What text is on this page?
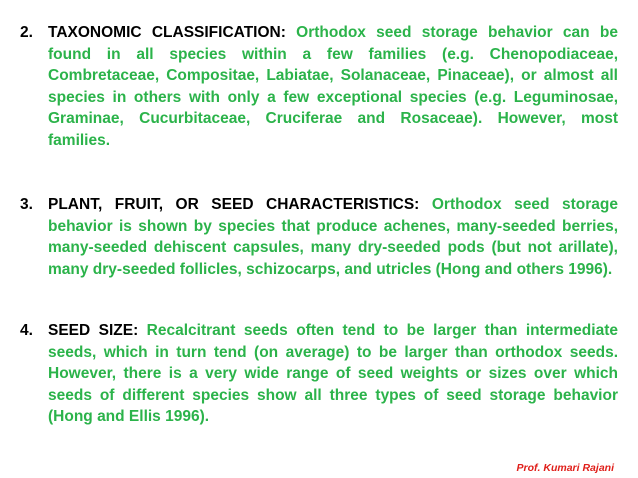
2. TAXONOMIC CLASSIFICATION: Orthodox seed storage behavior can be found in all species within a few families (e.g. Chenopodiaceae, Combretaceae, Compositae, Labiatae, Solanaceae, Pinaceae), or almost all species in others with only a few exceptional species (e.g. Leguminosae, Graminae, Cucurbitaceae, Cruciferae and Rosaceae). However, most families.
3. PLANT, FRUIT, OR SEED CHARACTERISTICS: Orthodox seed storage behavior is shown by species that produce achenes, many-seeded berries, many-seeded dehiscent capsules, many dry-seeded pods (but not arillate), many dry-seeded follicles, schizocarps, and utricles (Hong and others 1996).
4. SEED SIZE: Recalcitrant seeds often tend to be larger than intermediate seeds, which in turn tend (on average) to be larger than orthodox seeds. However, there is a very wide range of seed weights or sizes over which seeds of different species show all three types of seed storage behavior (Hong and Ellis 1996).
Prof. Kumari Rajani
